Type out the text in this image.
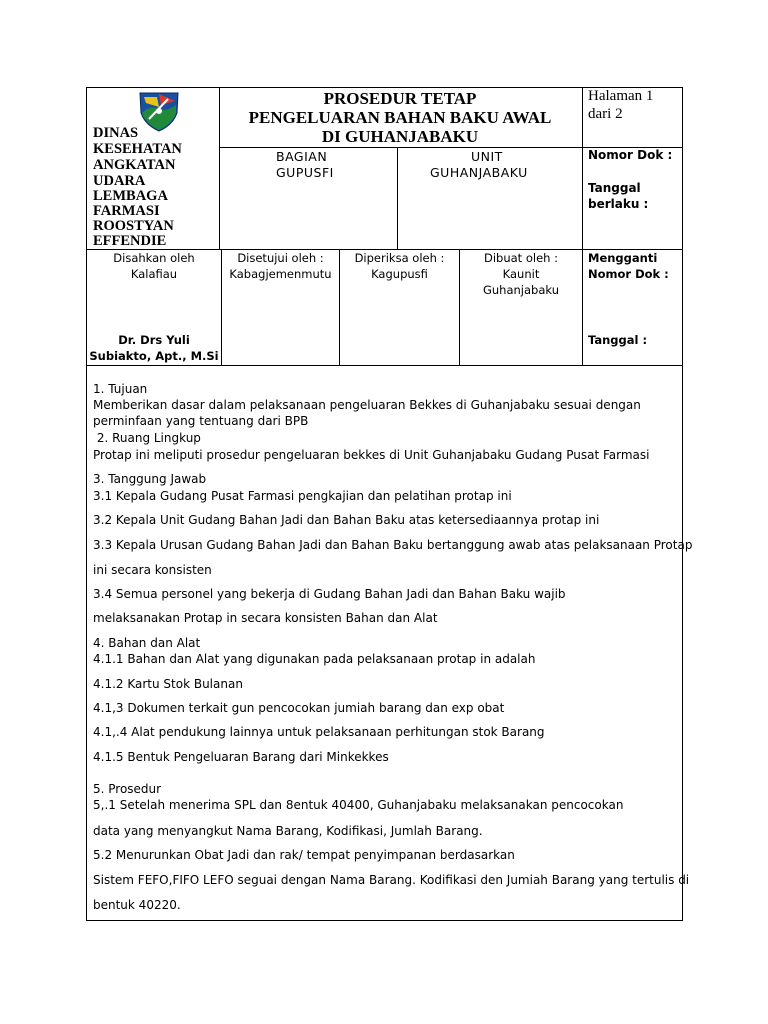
DINAS
KESEHATAN
ANGKATAN
UDARA
LEMBAGA
FARMASI
ROOSTYAN
EFFENDIE
PROSEDUR TETAP
PENGELUARAN BAHAN BAKU AWAL
DI GUHANJABAKU
Halaman 1
dari 2
BAGIAN
GUPUSFI
UNIT
GUHANJABAKU
Nomor Dok :
Tanggal
berlaku :
Disahkan oleh
Kalafiau
Dr. Drs Yuli
Subiakto, Apt., M.Si
Disetujui oleh :
Kabagjemenmutu
Diperiksa oleh :
Kagupusfi
Dibuat oleh :
Kaunit
Guhanjabaku
Mengganti
Nomor Dok :
Tanggal :
1. Tujuan
Memberikan dasar dalam pelaksanaan pengeluaran Bekkes di Guhanjabaku sesuai dengan
perminfaan yang tentuang dari BPB
2. Ruang Lingkup
Protap ini meliputi prosedur pengeluaran bekkes di Unit Guhanjabaku Gudang Pusat Farmasi
3. Tanggung Jawab
3.1 Kepala Gudang Pusat Farmasi pengkajian dan pelatihan protap ini
3.2 Kepala Unit Gudang Bahan Jadi dan Bahan Baku atas ketersediaannya protap ini
3.3 Kepala Urusan Gudang Bahan Jadi dan Bahan Baku bertanggung awab atas pelaksanaan Protap
ini secara konsisten
3.4 Semua personel yang bekerja di Gudang Bahan Jadi dan Bahan Baku wajib
melaksanakan Protap in secara konsisten Bahan dan Alat
4. Bahan dan Alat
4.1.1 Bahan dan Alat yang digunakan pada pelaksanaan protap in adalah
4.1.2 Kartu Stok Bulanan
4.1,3 Dokumen terkait gun pencocokan jumiah barang dan exp obat
4.1,.4 Alat pendukung lainnya untuk pelaksanaan perhitungan stok Barang
4.1.5 Bentuk Pengeluaran Barang dari Minkekkes
5. Prosedur
5,.1 Setelah menerima SPL dan 8entuk 40400, Guhanjabaku melaksanakan pencocokan
data yang menyangkut Nama Barang, Kodifikasi, Jumlah Barang.
5.2 Menurunkan Obat Jadi dan rak/ tempat penyimpanan berdasarkan
Sistem FEFO,FIFO LEFO seguai dengan Nama Barang. Kodifikasi den Jumiah Barang yang tertulis di
bentuk 40220.
